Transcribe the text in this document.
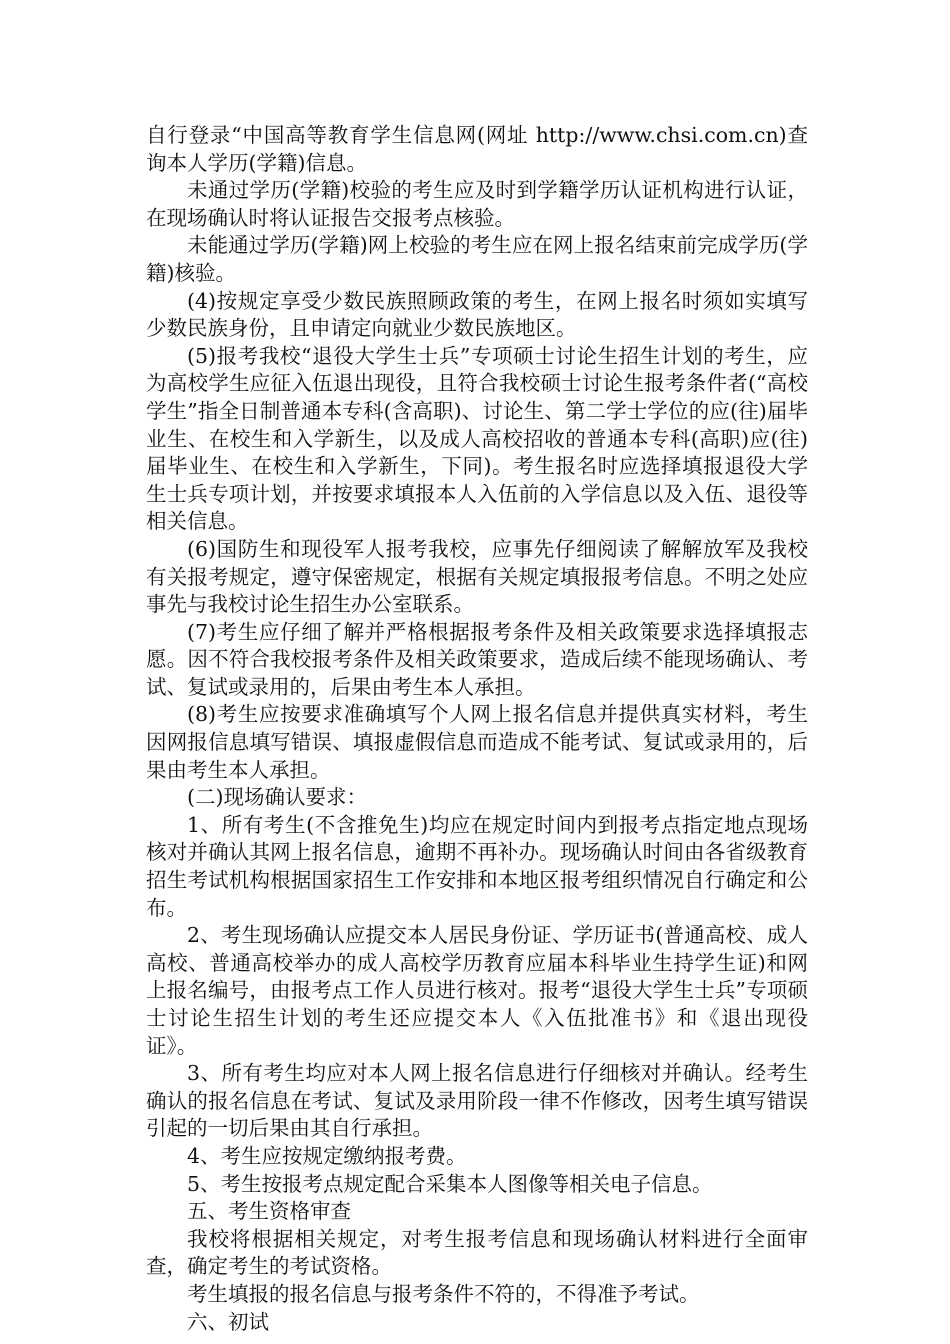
自行登录“中国高等教育学生信息网(网址 http://www.chsi.com.cn)查询本人学历(学籍)信息。

未通过学历(学籍)校验的考生应及时到学籍学历认证机构进行认证，在现场确认时将认证报告交报考点核验。

未能通过学历(学籍)网上校验的考生应在网上报名结束前完成学历(学籍)核验。

(4)按规定享受少数民族照顾政策的考生，在网上报名时须如实填写少数民族身份，且申请定向就业少数民族地区。

(5)报考我校“退役大学生士兵”专项硕士讨论生招生计划的考生，应为高校学生应征入伍退出现役，且符合我校硕士讨论生报考条件者(“高校学生”指全日制普通本专科(含高职)、讨论生、第二学士学位的应(往)届毕业生、在校生和入学新生，以及成人高校招收的普通本专科(高职)应(往)届毕业生、在校生和入学新生，下同)。考生报名时应选择填报退役大学生士兵专项计划，并按要求填报本人入伍前的入学信息以及入伍、退役等相关信息。

(6)国防生和现役军人报考我校，应事先仔细阅读了解解放军及我校有关报考规定，遵守保密规定，根据有关规定填报报考信息。不明之处应事先与我校讨论生招生办公室联系。

(7)考生应仔细了解并严格根据报考条件及相关政策要求选择填报志愿。因不符合我校报考条件及相关政策要求，造成后续不能现场确认、考试、复试或录用的，后果由考生本人承担。

(8)考生应按要求准确填写个人网上报名信息并提供真实材料，考生因网报信息填写错误、填报虚假信息而造成不能考试、复试或录用的，后果由考生本人承担。

(二)现场确认要求：

1、所有考生(不含推免生)均应在规定时间内到报考点指定地点现场核对并确认其网上报名信息，逾期不再补办。现场确认时间由各省级教育招生考试机构根据国家招生工作安排和本地区报考组织情况自行确定和公布。

2、考生现场确认应提交本人居民身份证、学历证书(普通高校、成人高校、普通高校举办的成人高校学历教育应届本科毕业生持学生证)和网上报名编号，由报考点工作人员进行核对。报考“退役大学生士兵”专项硕士讨论生招生计划的考生还应提交本人《入伍批准书》和《退出现役证》。

3、所有考生均应对本人网上报名信息进行仔细核对并确认。经考生确认的报名信息在考试、复试及录用阶段一律不作修改，因考生填写错误引起的一切后果由其自行承担。

4、考生应按规定缴纳报考费。

5、考生按报考点规定配合采集本人图像等相关电子信息。

五、考生资格审查

我校将根据相关规定，对考生报考信息和现场确认材料进行全面审查，确定考生的考试资格。

考生填报的报名信息与报考条件不符的，不得准予考试。

六、初试
